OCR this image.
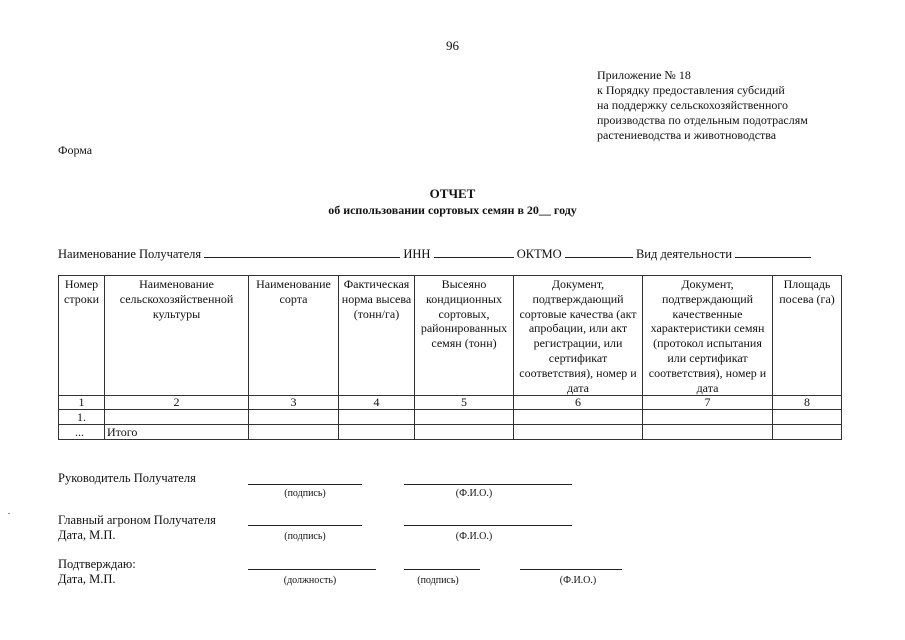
96
Приложение № 18
к Порядку предоставления субсидий
на поддержку сельскохозяйственного
производства по отдельным подотраслям
растениеводства и животноводства
Форма
ОТЧЕТ
об использовании сортовых семян в 20__ году
Наименование Получателя	ИНН	ОКТМО	Вид деятельности
Номер строки	Наименование сельскохозяйственной культуры	Наименование сорта	Фактическая норма высева (тонн/га)	Высеяно кондиционных сортовых, районированных семян (тонн)	Документ, подтверждающий сортовые качества (акт апробации, или акт регистрации, или сертификат соответствия), номер и дата	Документ, подтверждающий качественные характеристики семян (протокол испытания или сертификат соответствия), номер и дата	Площадь посева (га)
1	2	3	4	5	6	7	8
1.							
...	Итого						
Руководитель Получателя
(подпись)	(Ф.И.О.)
Главный агроном Получателя
Дата, М.П.	(подпись)	(Ф.И.О.)
Подтверждаю:
Дата, М.П.	(должность)	(подпись)	(Ф.И.О.)
